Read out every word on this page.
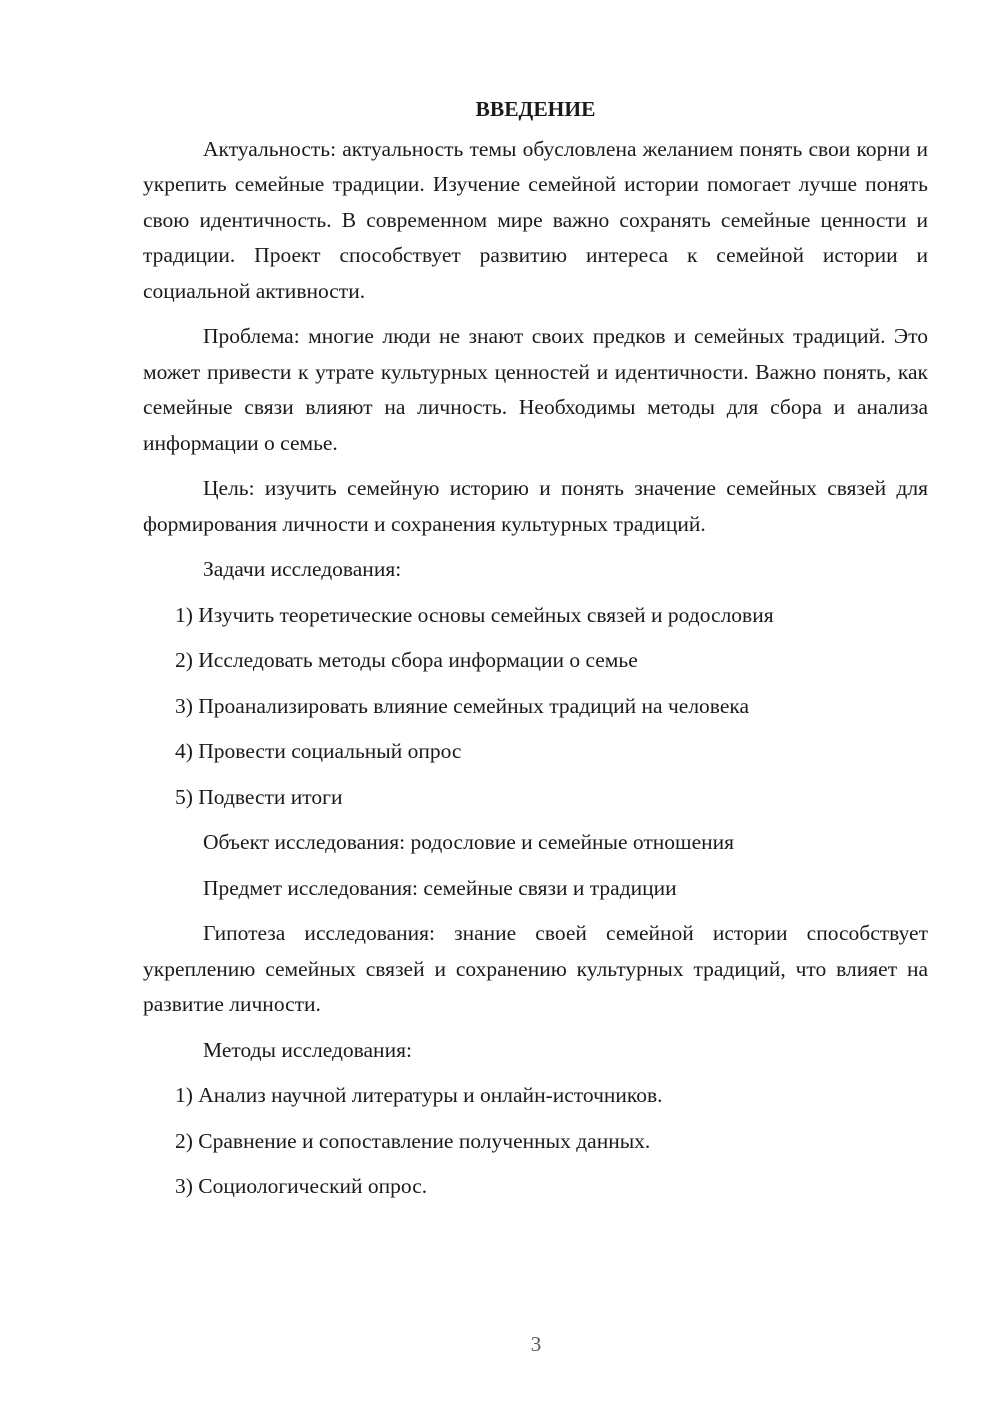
ВВЕДЕНИЕ
Актуальность: актуальность темы обусловлена желанием понять свои корни и укрепить семейные традиции. Изучение семейной истории помогает лучше понять свою идентичность. В современном мире важно сохранять семейные ценности и традиции. Проект способствует развитию интереса к семейной истории и социальной активности.
Проблема: многие люди не знают своих предков и семейных традиций. Это может привести к утрате культурных ценностей и идентичности. Важно понять, как семейные связи влияют на личность. Необходимы методы для сбора и анализа информации о семье.
Цель: изучить семейную историю и понять значение семейных связей для формирования личности и сохранения культурных традиций.
Задачи исследования:
1) Изучить теоретические основы семейных связей и родословия
2) Исследовать методы сбора информации о семье
3) Проанализировать влияние семейных традиций на человека
4) Провести социальный опрос
5) Подвести итоги
Объект исследования: родословие и семейные отношения
Предмет исследования: семейные связи и традиции
Гипотеза исследования: знание своей семейной истории способствует укреплению семейных связей и сохранению культурных традиций, что влияет на развитие личности.
Методы исследования:
1) Анализ научной литературы и онлайн-источников.
2) Сравнение и сопоставление полученных данных.
3) Социологический опрос.
3
